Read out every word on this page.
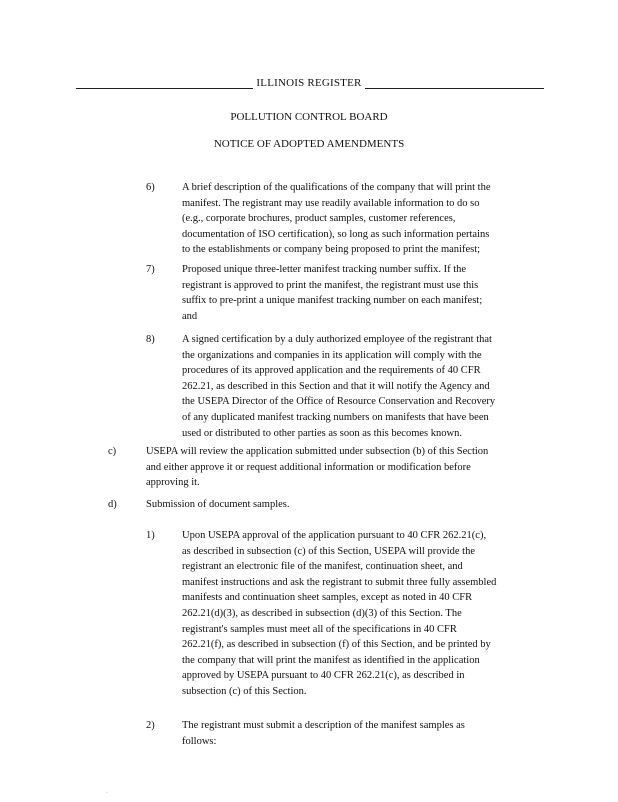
ILLINOIS REGISTER
POLLUTION CONTROL BOARD
NOTICE OF ADOPTED AMENDMENTS
6)	A brief description of the qualifications of the company that will print the

manifest. The registrant may use readily available information to do so

(e.g., corporate brochures, product samples, customer references,

documentation of ISO certification), so long as such information pertains

to the establishments or company being proposed to print the manifest;

7)	Proposed unique three-letter manifest tracking number suffix. If the

registrant is approved to print the manifest, the registrant must use this

suffix to pre-print a unique manifest tracking number on each manifest;

and

8)	A signed certification by a duly authorized employee of the registrant that

the organizations and companies in its application will comply with the

procedures of its approved application and the requirements of 40 CFR

262.21, as described in this Section and that it will notify the Agency and

the USEPA Director of the Office of Resource Conservation and Recovery

of any duplicated manifest tracking numbers on manifests that have been

used or distributed to other parties as soon as this becomes known.

c)	USEPA will review the application submitted under subsection (b) of this Section

and either approve it or request additional information or modification before

approving it.

d)	Submission of document samples.

1)	Upon USEPA approval of the application pursuant to 40 CFR 262.21(c),

as described in subsection (c) of this Section, USEPA will provide the

registrant an electronic file of the manifest, continuation sheet, and

manifest instructions and ask the registrant to submit three fully assembled

manifests and continuation sheet samples, except as noted in 40 CFR

262.21(d)(3), as described in subsection (d)(3) of this Section. The

registrant's samples must meet all of the specifications in 40 CFR

262.21(f), as described in subsection (f) of this Section, and be printed by

the company that will print the manifest as identified in the application

approved by USEPA pursuant to 40 CFR 262.21(c), as described in

subsection (c) of this Section.

2)	The registrant must submit a description of the manifest samples as

follows:

·
